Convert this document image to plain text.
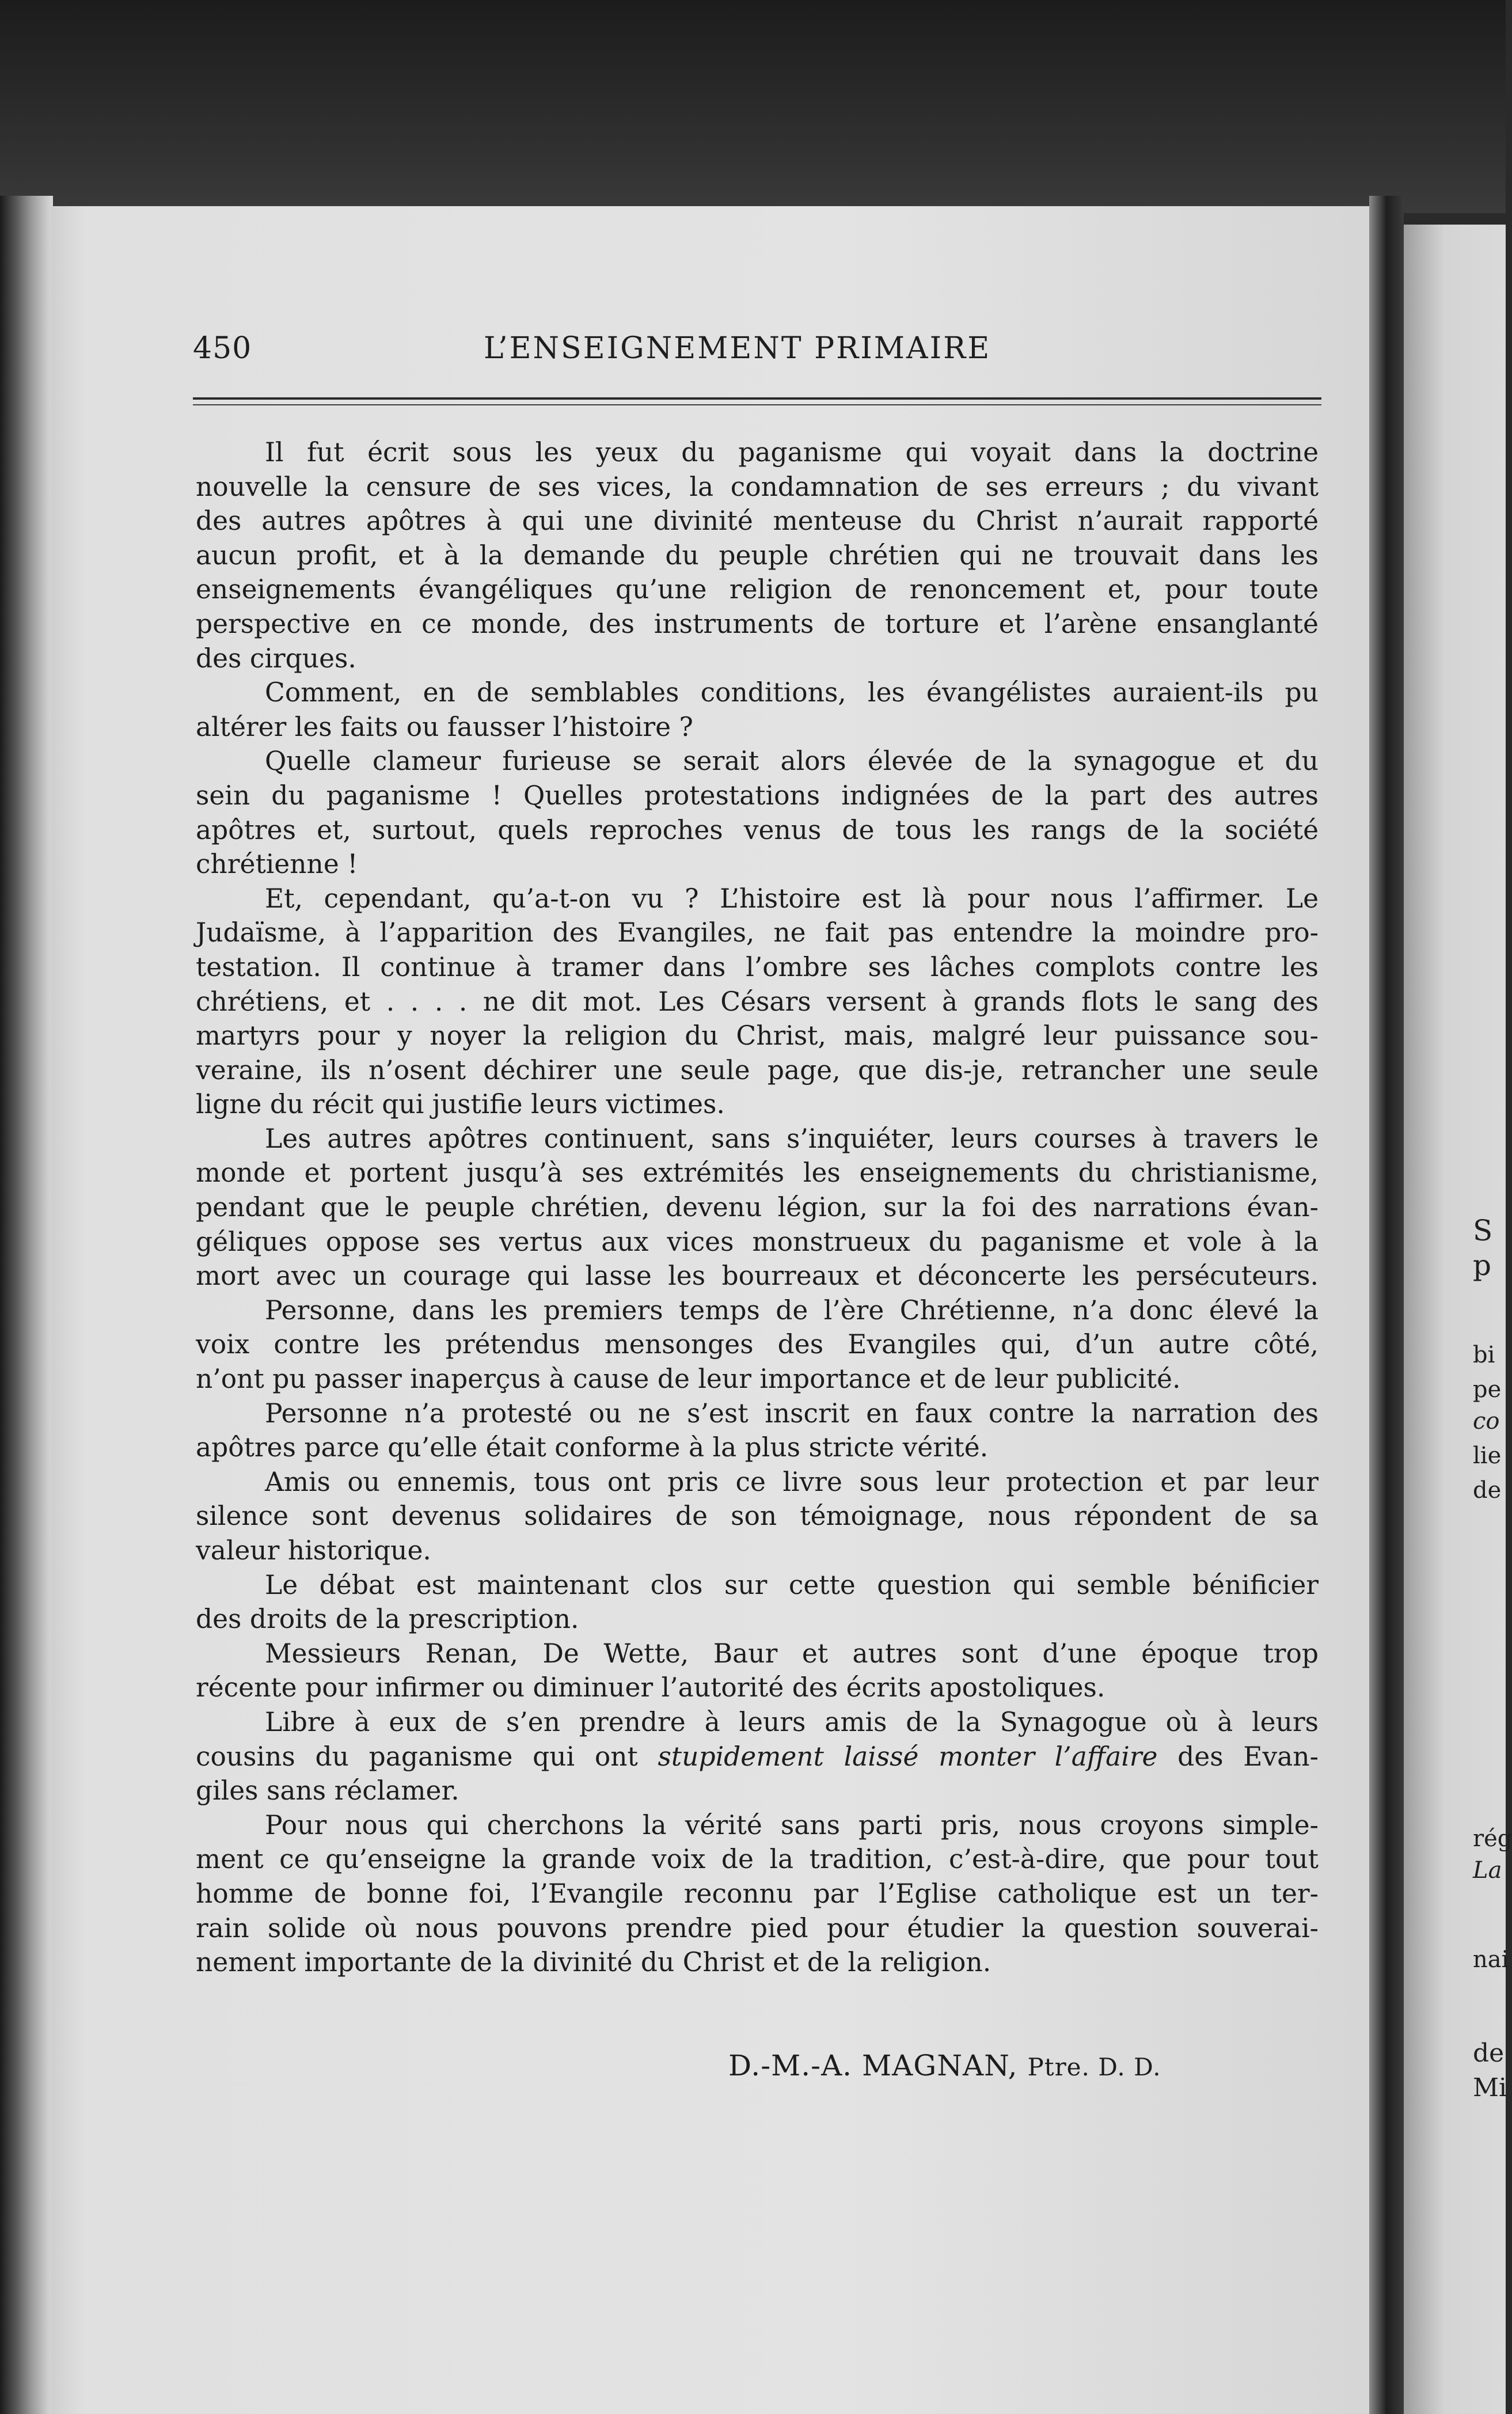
S
p
bi
pe
co
lie
de
rég
La
nai
de
Mi
450	L’ENSEIGNEMENT PRIMAIRE

Il fut écrit sous les yeux du paganisme qui voyait dans la doctrine
nouvelle la censure de ses vices, la condamnation de ses erreurs ; du vivant
des autres apôtres à qui une divinité menteuse du Christ n’aurait rapporté
aucun profit, et à la demande du peuple chrétien qui ne trouvait dans les
enseignements évangéliques qu’une religion de renoncement et, pour toute
perspective en ce monde, des instruments de torture et l’arène ensanglanté
des cirques.

Comment, en de semblables conditions, les évangélistes auraient-ils pu
altérer les faits ou fausser l’histoire ?

Quelle clameur furieuse se serait alors élevée de la synagogue et du
sein du paganisme ! Quelles protestations indignées de la part des autres
apôtres et, surtout, quels reproches venus de tous les rangs de la société
chrétienne !

Et, cependant, qu’a-t-on vu ? L’histoire est là pour nous l’affirmer. Le
Judaïsme, à l’apparition des Evangiles, ne fait pas entendre la moindre pro-
testation. Il continue à tramer dans l’ombre ses lâches complots contre les
chrétiens, et . . . . ne dit mot. Les Césars versent à grands flots le sang des
martyrs pour y noyer la religion du Christ, mais, malgré leur puissance sou-
veraine, ils n’osent déchirer une seule page, que dis-je, retrancher une seule
ligne du récit qui justifie leurs victimes.

Les autres apôtres continuent, sans s’inquiéter, leurs courses à travers le
monde et portent jusqu’à ses extrémités les enseignements du christianisme,
pendant que le peuple chrétien, devenu légion, sur la foi des narrations évan-
géliques oppose ses vertus aux vices monstrueux du paganisme et vole à la
mort avec un courage qui lasse les bourreaux et déconcerte les persécuteurs.

Personne, dans les premiers temps de l’ère Chrétienne, n’a donc élevé la
voix contre les prétendus mensonges des Evangiles qui, d’un autre côté,
n’ont pu passer inaperçus à cause de leur importance et de leur publicité.

Personne n’a protesté ou ne s’est inscrit en faux contre la narration des
apôtres parce qu’elle était conforme à la plus stricte vérité.

Amis ou ennemis, tous ont pris ce livre sous leur protection et par leur
silence sont devenus solidaires de son témoignage, nous répondent de sa
valeur historique.

Le débat est maintenant clos sur cette question qui semble bénificier
des droits de la prescription.

Messieurs Renan, De Wette, Baur et autres sont d’une époque trop
récente pour infirmer ou diminuer l’autorité des écrits apostoliques.

Libre à eux de s’en prendre à leurs amis de la Synagogue où à leurs
cousins du paganisme qui ont stupidement laissé monter l’affaire des Evan-
giles sans réclamer.

Pour nous qui cherchons la vérité sans parti pris, nous croyons simple-
ment ce qu’enseigne la grande voix de la tradition, c’est-à-dire, que pour tout
homme de bonne foi, l’Evangile reconnu par l’Eglise catholique est un ter-
rain solide où nous pouvons prendre pied pour étudier la question souverai-
nement importante de la divinité du Christ et de la religion.

D.-M.-A. MAGNAN, Ptre. D. D.
